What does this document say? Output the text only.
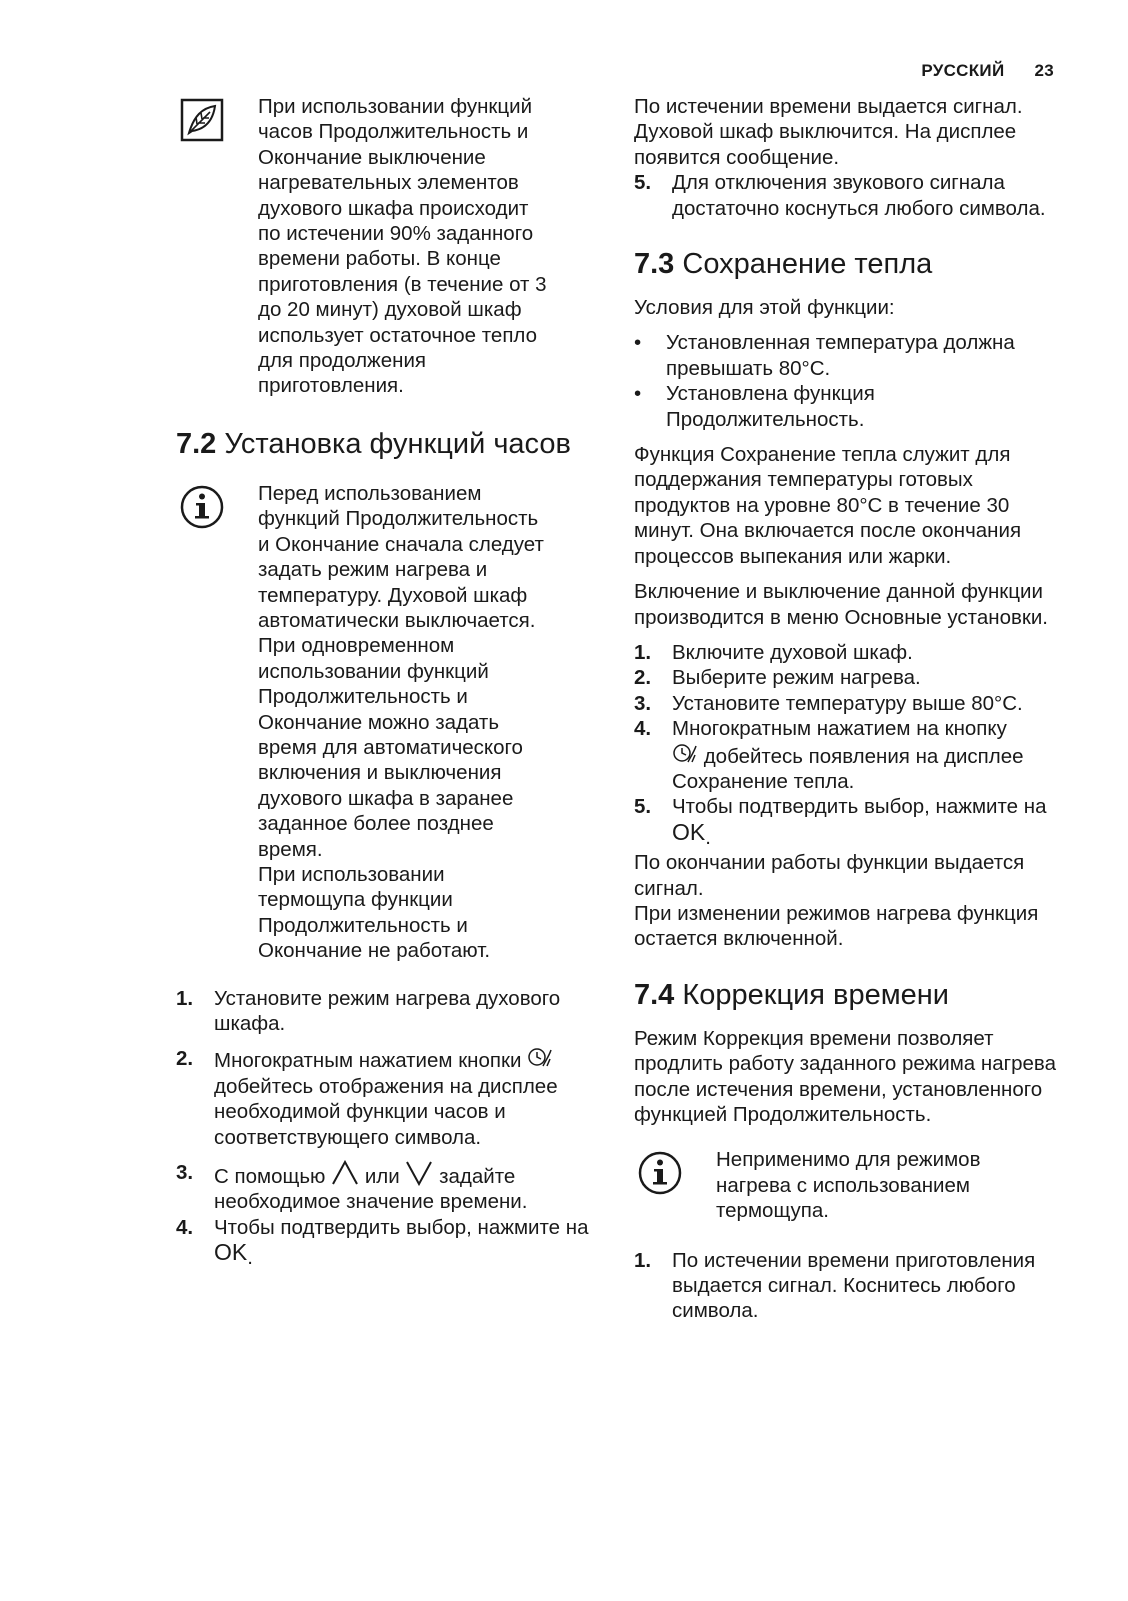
РУССКИЙ 23
При использовании функций часов Продолжительность и Окончание выключение нагревательных элементов духового шкафа происходит по истечении 90% заданного времени работы. В конце приготовления (в течение от 3 до 20 минут) духовой шкаф использует остаточное тепло для продолжения приготовления.
7.2 Установка функций часов
Перед использованием функций Продолжительность и Окончание сначала следует задать режим нагрева и температуру. Духовой шкаф автоматически выключается.
При одновременном использовании функций Продолжительность и Окончание можно задать время для автоматического включения и выключения духового шкафа в заранее заданное более позднее время.
При использовании термощупа функции Продолжительность и Окончание не работают.
1. Установите режим нагрева духового шкафа.
2. Многократным нажатием кнопки  добейтесь отображения на дисплее необходимой функции часов и соответствующего символа.
3. С помощью или задайте необходимое значение времени.
4. Чтобы подтвердить выбор, нажмите на OK.

По истечении времени выдается сигнал. Духовой шкаф выключится. На дисплее появится сообщение.

5. Для отключения звукового сигнала достаточно коснуться любого символа.
7.3 Сохранение тепла

Условия для этой функции:

• Установленная температура должна превышать 80°C.
• Установлена функция Продолжительность.

Функция Сохранение тепла служит для поддержания температуры готовых продуктов на уровне 80°C в течение 30 минут. Она включается после окончания процессов выпекания или жарки.

Включение и выключение данной функции производится в меню Основные установки.

1. Включите духовой шкаф.
2. Выберите режим нагрева.
3. Установите температуру выше 80°C.
4. Многократным нажатием на кнопку
добейтесь появления на дисплее Сохранение тепла.
5. Чтобы подтвердить выбор, нажмите на OK.

По окончании работы функции выдается сигнал.

При изменении режимов нагрева функция остается включенной.

7.4 Коррекция времени

Режим Коррекция времени позволяет продлить работу заданного режима нагрева после истечения времени, установленного функцией Продолжительность.

Неприменимо для режимов нагрева с использованием термощупа.
1. По истечении времени приготовления выдается сигнал. Коснитесь любого символа.
